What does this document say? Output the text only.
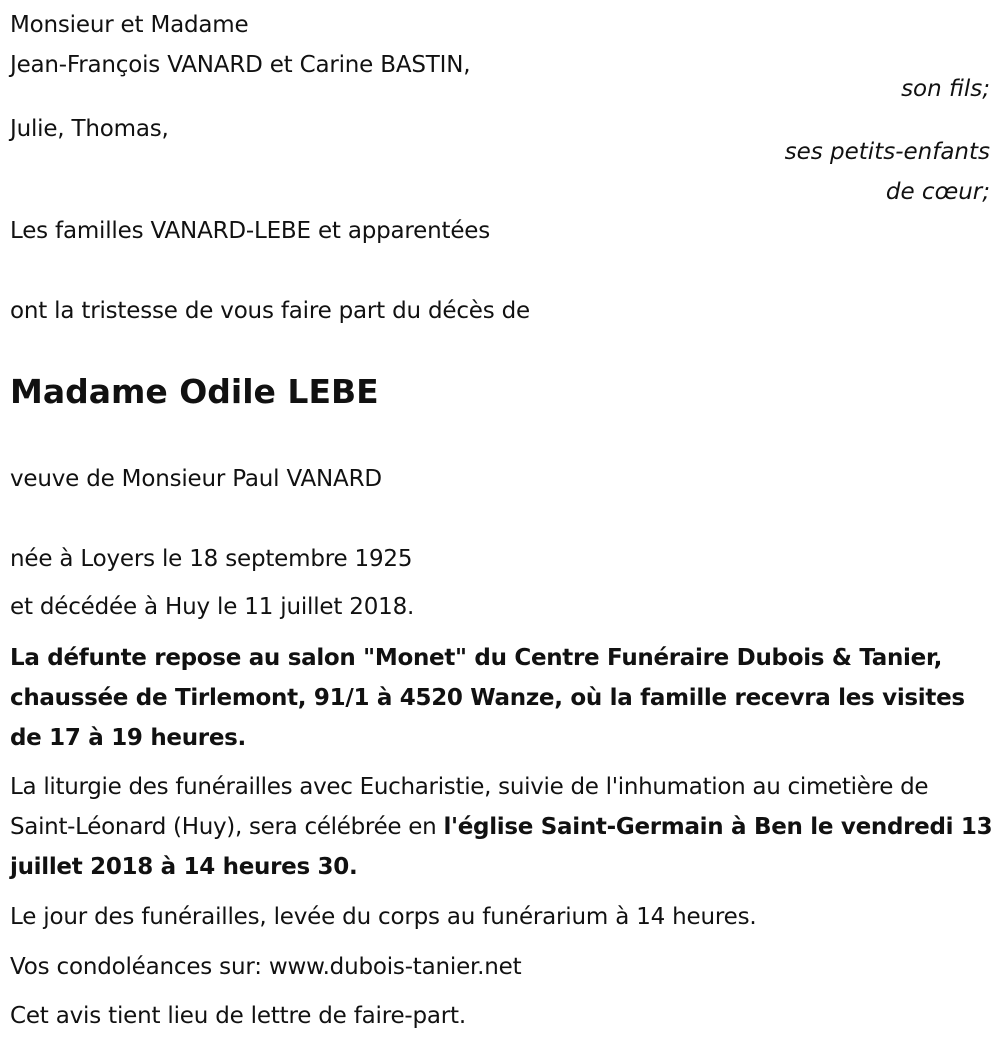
Monsieur et Madame
Jean-François VANARD et Carine BASTIN,
son fils;
Julie, Thomas,
ses petits-enfants
de cœur;
Les familles VANARD-LEBE et apparentées
ont la tristesse de vous faire part du décès de
Madame Odile LEBE
veuve de Monsieur Paul VANARD
née à Loyers le 18 septembre 1925
et décédée à Huy le 11 juillet 2018.
La défunte repose au salon "Monet" du Centre Funéraire Dubois & Tanier, chaussée de Tirlemont, 91/1 à 4520 Wanze, où la famille recevra les visites de 17 à 19 heures.
La liturgie des funérailles avec Eucharistie, suivie de l'inhumation au cimetière de Saint-Léonard (Huy), sera célébrée en l'église Saint-Germain à Ben le vendredi 13 juillet 2018 à 14 heures 30.
Le jour des funérailles, levée du corps au funérarium à 14 heures.
Vos condoléances sur: www.dubois-tanier.net
Cet avis tient lieu de lettre de faire-part.
